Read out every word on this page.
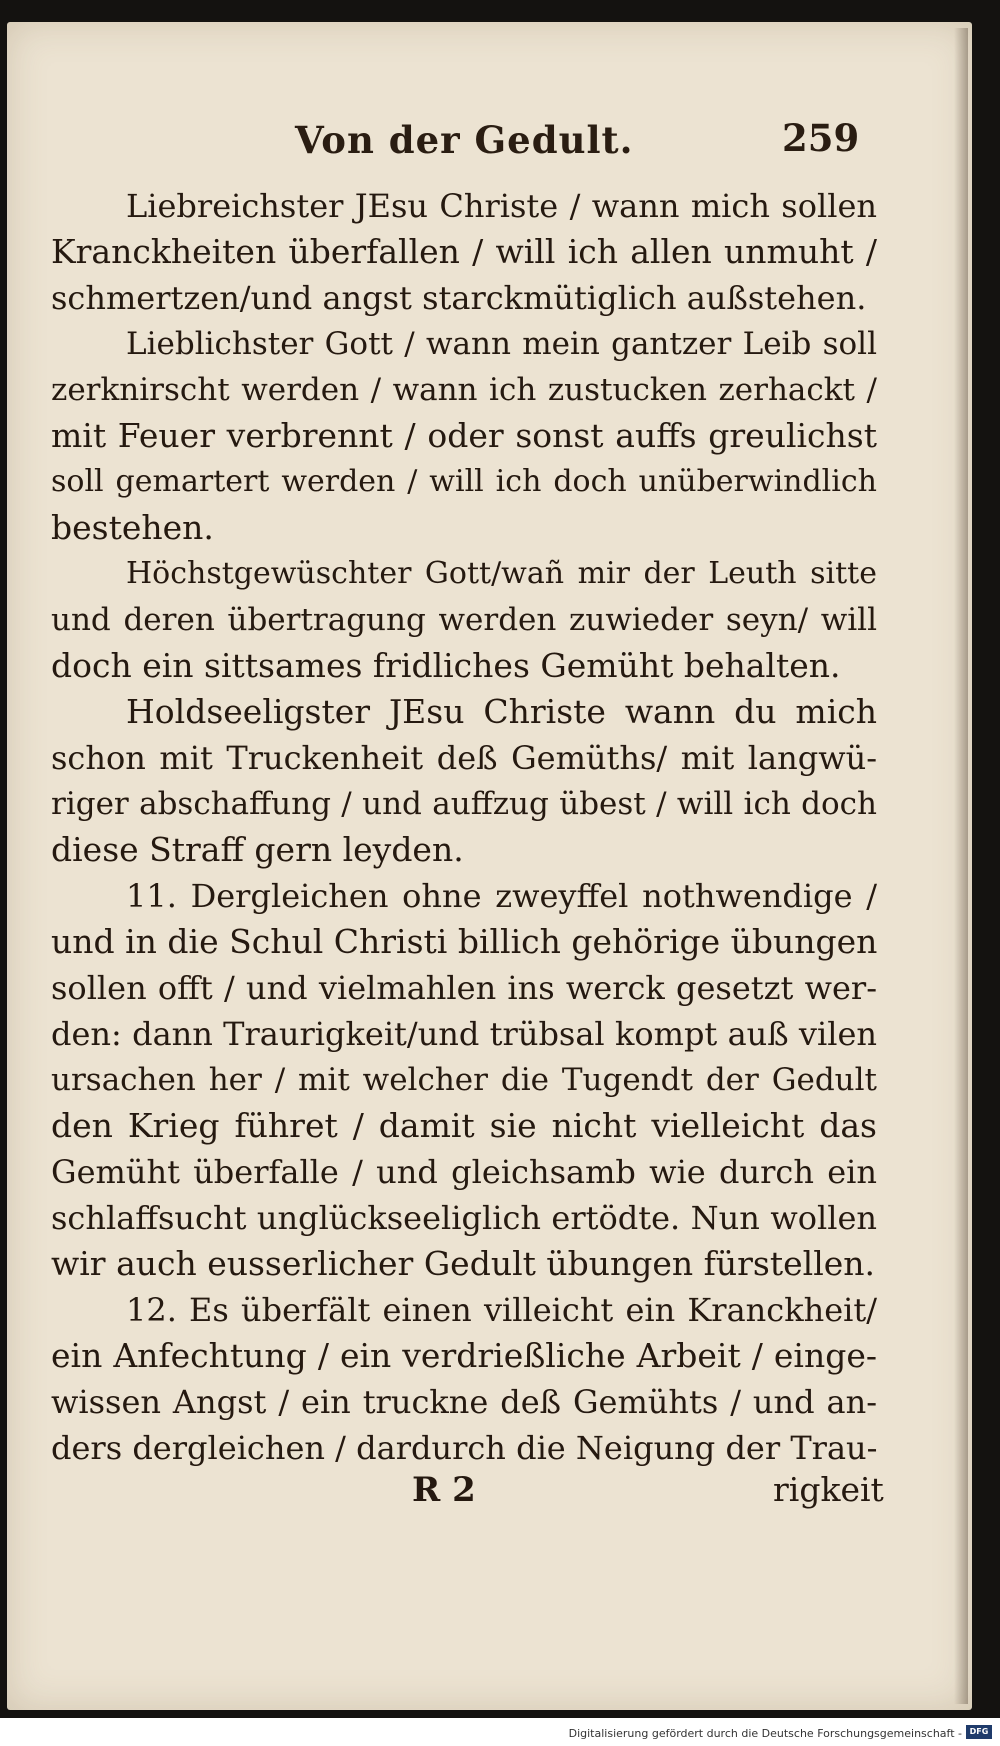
Von der Gedult.	259
Liebreichster JEsu Christe / wann mich sollen
Kranckheiten überfallen / will ich allen unmuht /
schmertzen/und angst starckmütiglich außstehen.
Lieblichster Gott / wann mein gantzer Leib soll
zerknirscht werden / wann ich zustucken zerhackt /
mit Feuer verbrennt / oder sonst auffs greulichst
soll gemartert werden / will ich doch unüberwindlich
bestehen.
Höchstgewüschter Gott/wañ mir der Leuth sitte
und deren übertragung werden zuwieder seyn/ will
doch ein sittsames fridliches Gemüht behalten.
Holdseeligster JEsu Christe wann du mich
schon mit Truckenheit deß Gemüths/ mit langwü-
riger abschaffung / und auffzug übest / will ich doch
diese Straff gern leyden.
11. Dergleichen ohne zweyffel nothwendige /
und in die Schul Christi billich gehörige übungen
sollen offt / und vielmahlen ins werck gesetzt wer-
den: dann Traurigkeit/und trübsal kompt auß vilen
ursachen her / mit welcher die Tugendt der Gedult
den Krieg führet / damit sie nicht vielleicht das
Gemüht überfalle / und gleichsamb wie durch ein
schlaffsucht unglückseeliglich ertödte. Nun wollen
wir auch eusserlicher Gedult übungen fürstellen.
12. Es überfält einen villeicht ein Kranckheit/
ein Anfechtung / ein verdrießliche Arbeit / einge-
wissen Angst / ein truckne deß Gemühts / und an-
ders dergleichen / dardurch die Neigung der Trau-
R 2	rigkeit
Digitalisierung gefördert durch die Deutsche Forschungsgemeinschaft - DFG
